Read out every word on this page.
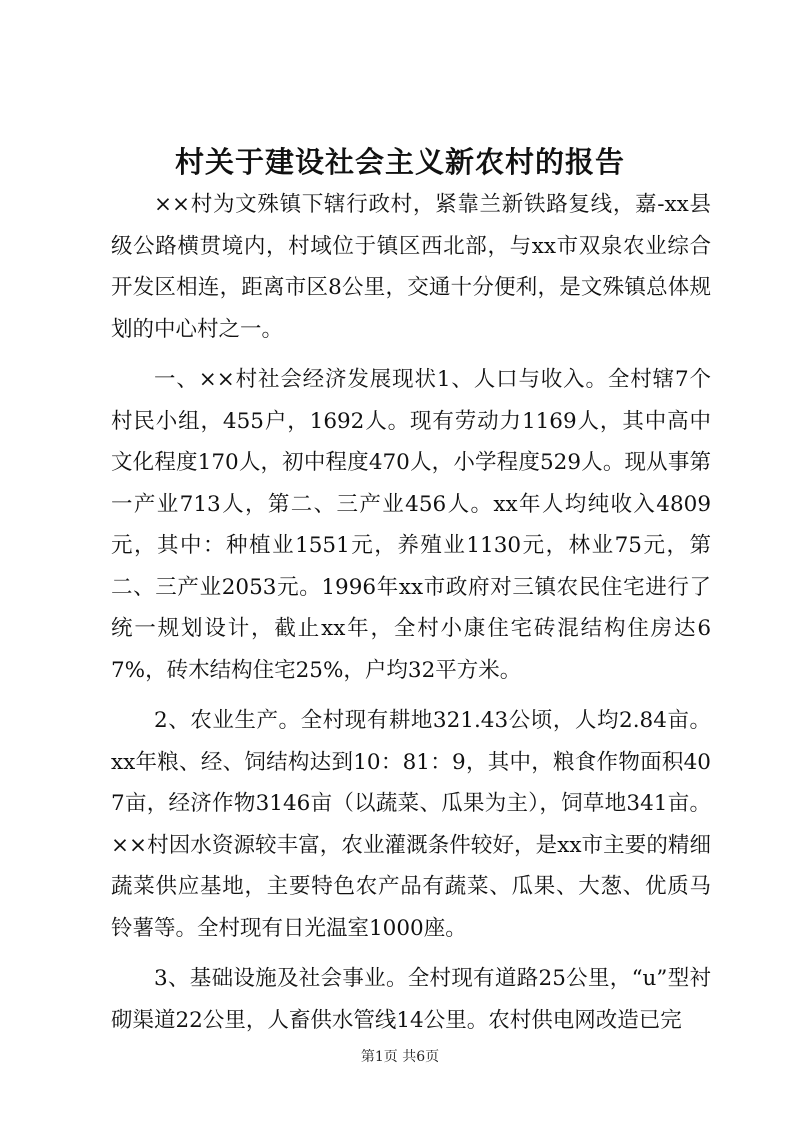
村关于建设社会主义新农村的报告

××村为文殊镇下辖行政村，紧靠兰新铁路复线，嘉-xx县级公路横贯境内，村域位于镇区西北部，与xx市双泉农业综合开发区相连，距离市区8公里，交通十分便利，是文殊镇总体规划的中心村之一。

一、××村社会经济发展现状1、人口与收入。全村辖7个村民小组，455户，1692人。现有劳动力1169人，其中高中文化程度170人，初中程度470人，小学程度529人。现从事第一产业713人，第二、三产业456人。xx年人均纯收入4809元，其中：种植业1551元，养殖业1130元，林业75元，第二、三产业2053元。1996年xx市政府对三镇农民住宅进行了统一规划设计，截止xx年，全村小康住宅砖混结构住房达67%，砖木结构住宅25%，户均32平方米。

2、农业生产。全村现有耕地321.43公顷，人均2.84亩。xx年粮、经、饲结构达到10：81：9，其中，粮食作物面积407亩，经济作物3146亩（以蔬菜、瓜果为主），饲草地341亩。××村因水资源较丰富，农业灌溉条件较好，是xx市主要的精细蔬菜供应基地，主要特色农产品有蔬菜、瓜果、大葱、优质马铃薯等。全村现有日光温室1000座。

3、基础设施及社会事业。全村现有道路25公里，“u”型衬砌渠道22公里，人畜供水管线14公里。农村供电网改造已完

第1页 共6页
